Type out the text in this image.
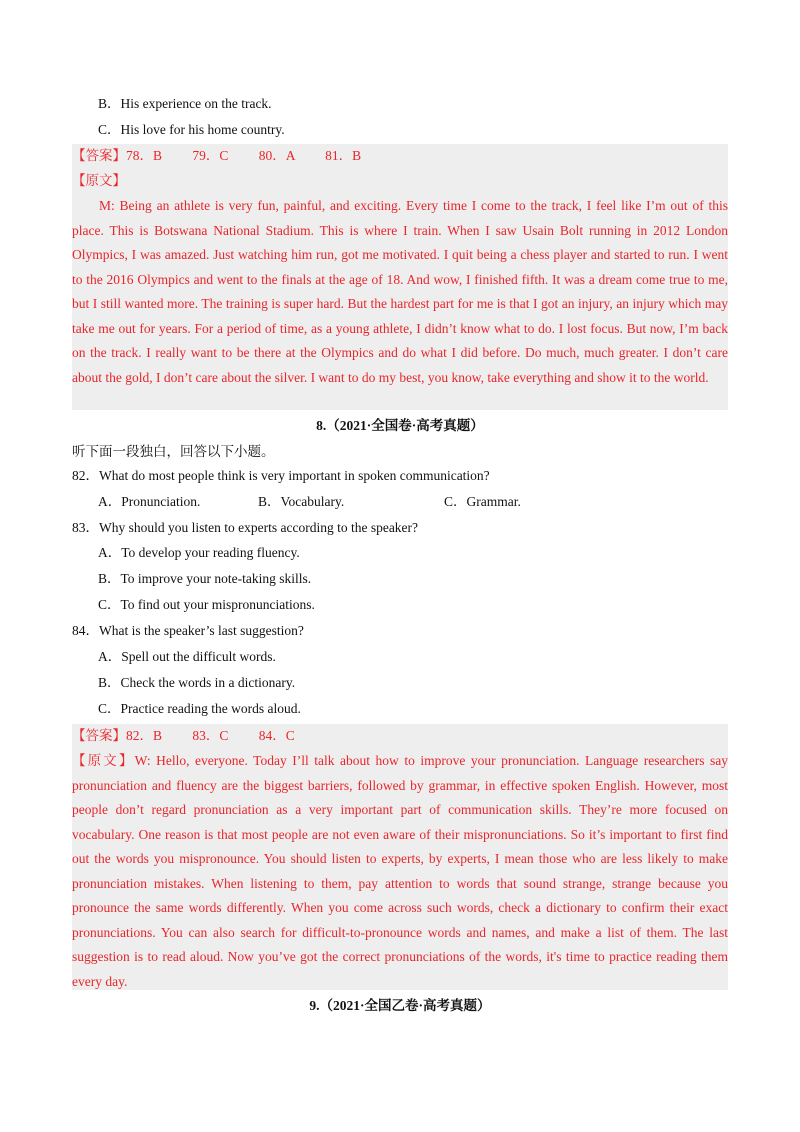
B．His experience on the track.
C．His love for his home country.
【答案】78．B　　 79．C　　 80．A　　 81．B
【原文】
M: Being an athlete is very fun, painful, and exciting. Every time I come to the track, I feel like I’m out of this place. This is Botswana National Stadium. This is where I train. When I saw Usain Bolt running in 2012 London Olympics, I was amazed. Just watching him run, got me motivated. I quit being a chess player and started to run. I went to the 2016 Olympics and went to the finals at the age of 18. And wow, I finished fifth. It was a dream come true to me, but I still wanted more. The training is super hard. But the hardest part for me is that I got an injury, an injury which may take me out for years. For a period of time, as a young athlete, I didn’t know what to do. I lost focus. But now, I’m back on the track. I really want to be there at the Olympics and do what I did before. Do much, much greater. I don’t care about the gold, I don’t care about the silver. I want to do my best, you know, take everything and show it to the world.
8.（2021·全国卷·高考真题）
听下面一段独白，回答以下小题。
82．What do most people think is very important in spoken communication?
A．Pronunciation.	B．Vocabulary.	C．Grammar.
83．Why should you listen to experts according to the speaker?
A．To develop your reading fluency.
B．To improve your note-taking skills.
C．To find out your mispronunciations.
84．What is the speaker’s last suggestion?
A．Spell out the difficult words.
B．Check the words in a dictionary.
C．Practice reading the words aloud.
【答案】82．B　　 83．C　　 84．C
【原文】W: Hello, everyone. Today I’ll talk about how to improve your pronunciation. Language researchers say pronunciation and fluency are the biggest barriers, followed by grammar, in effective spoken English. However, most people don’t regard pronunciation as a very important part of communication skills. They’re more focused on vocabulary. One reason is that most people are not even aware of their mispronunciations. So it’s important to first find out the words you mispronounce. You should listen to experts, by experts, I mean those who are less likely to make pronunciation mistakes. When listening to them, pay attention to words that sound strange, strange because you pronounce the same words differently. When you come across such words, check a dictionary to confirm their exact pronunciations. You can also search for difficult-to-pronounce words and names, and make a list of them. The last suggestion is to read aloud. Now you’ve got the correct pronunciations of the words, it's time to practice reading them every day.
9.（2021·全国乙卷·高考真题）
